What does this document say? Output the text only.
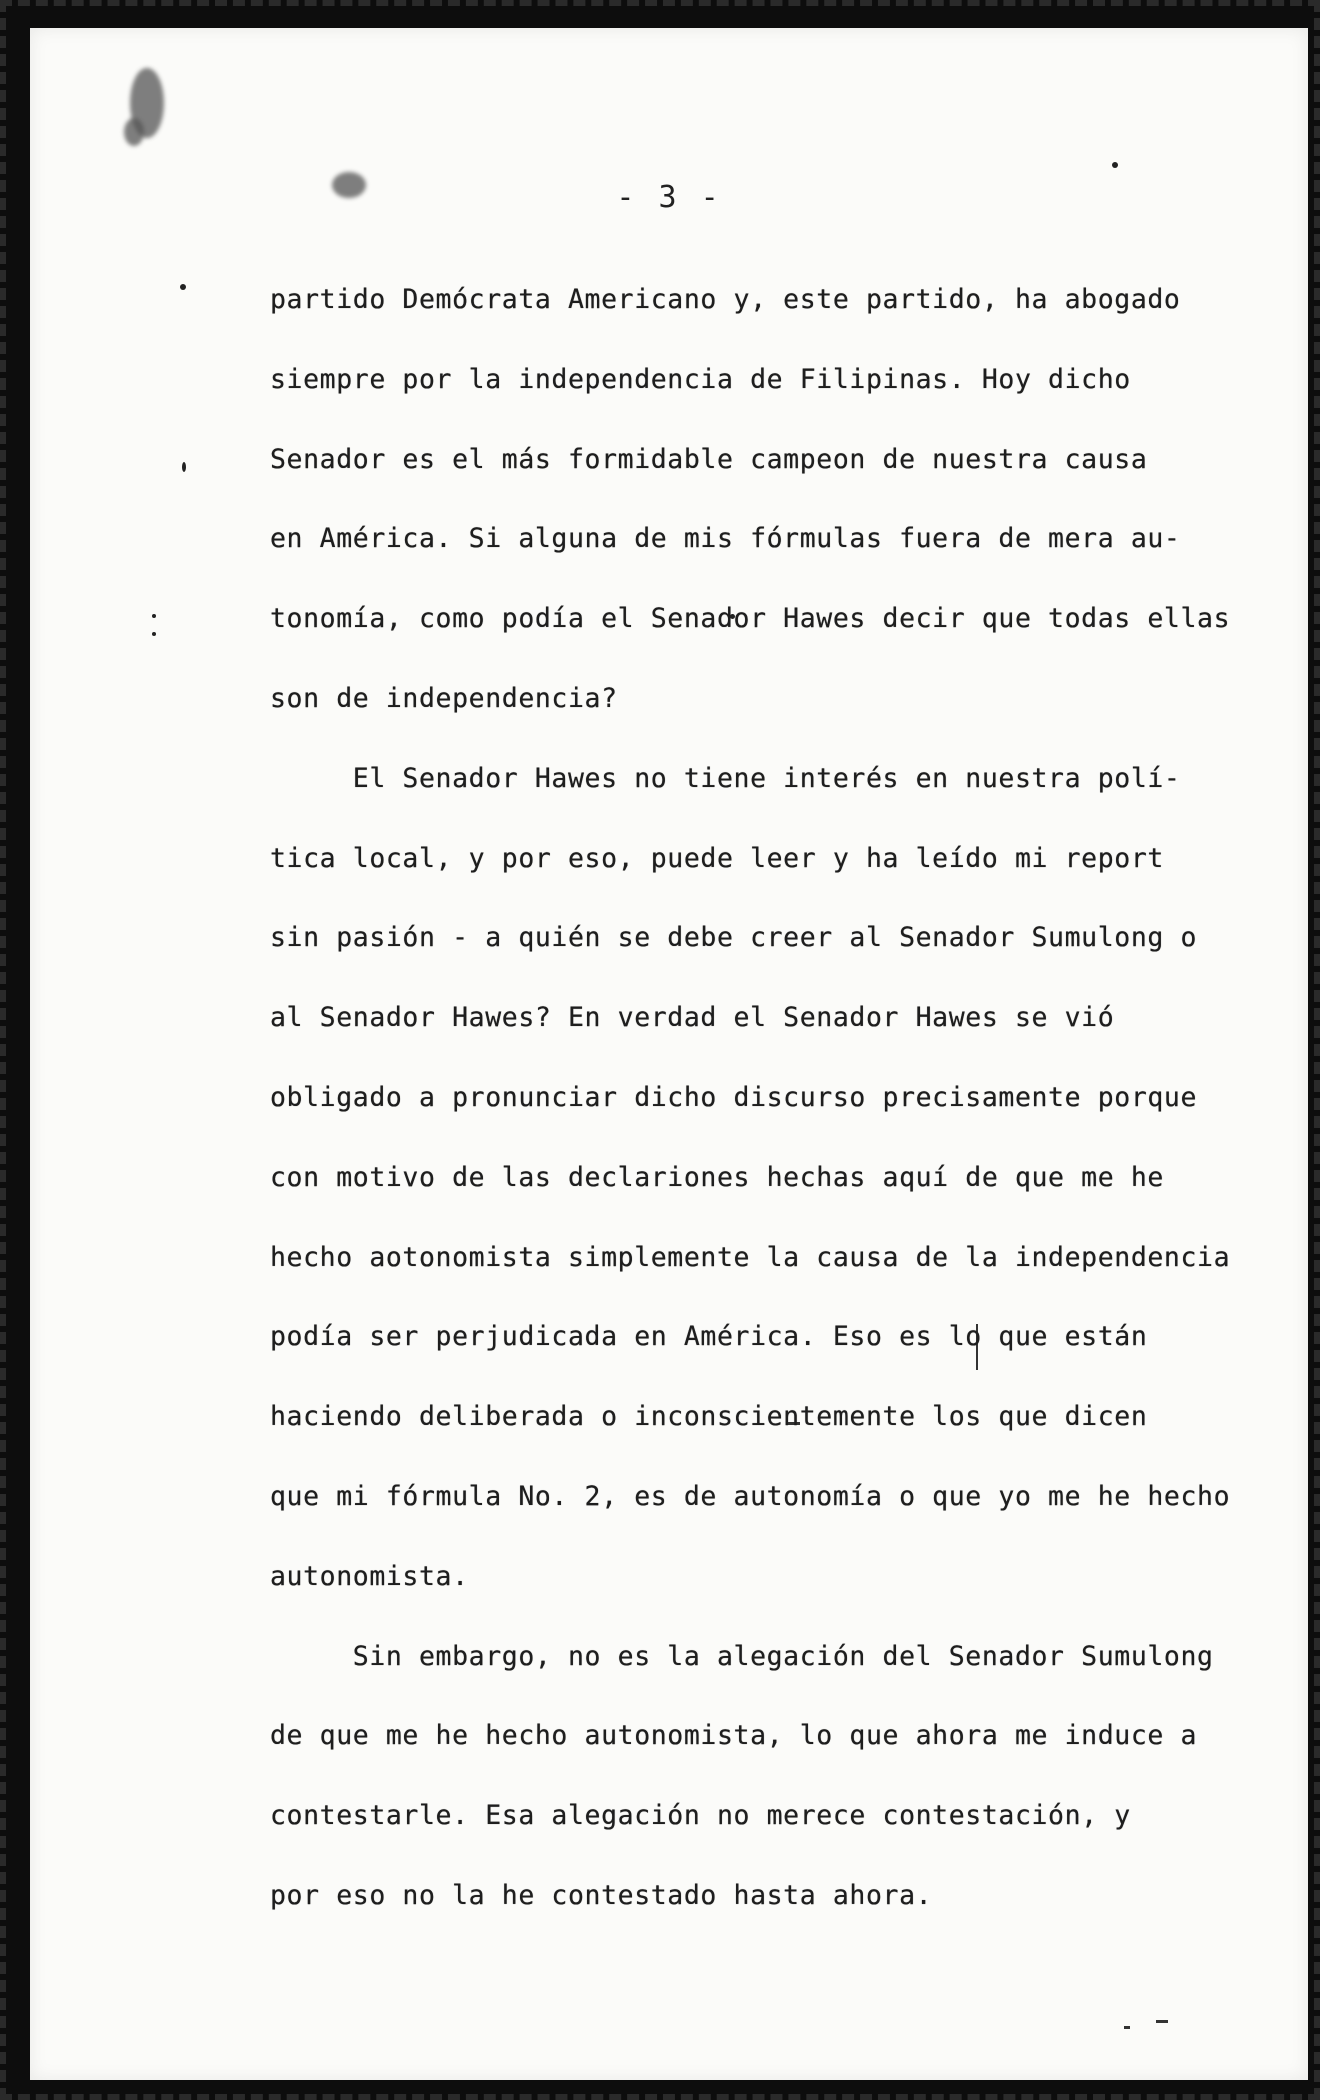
- 3 -
partido Demócrata Americano y, este partido, ha abogado
siempre por la independencia de Filipinas. Hoy dicho
Senador es el más formidable campeon de nuestra causa
en América. Si alguna de mis fórmulas fuera de mera au-
tonomía, como podía el Senador Hawes decir que todas ellas
son de independencia?
El Senador Hawes no tiene interés en nuestra polí-
tica local, y por eso, puede leer y ha leído mi report
sin pasión - a quién se debe creer al Senador Sumulong o
al Senador Hawes? En verdad el Senador Hawes se vió
obligado a pronunciar dicho discurso precisamente porque
con motivo de las declariones hechas aquí de que me he
hecho aotonomista simplemente la causa de la independencia
podía ser perjudicada en América. Eso es lo que están
haciendo deliberada o inconscientemente los que dicen
que mi fórmula No. 2, es de autonomía o que yo me he hecho
autonomista.
Sin embargo, no es la alegación del Senador Sumulong
de que me he hecho autonomista, lo que ahora me induce a
contestarle. Esa alegación no merece contestación, y
por eso no la he contestado hasta ahora.
